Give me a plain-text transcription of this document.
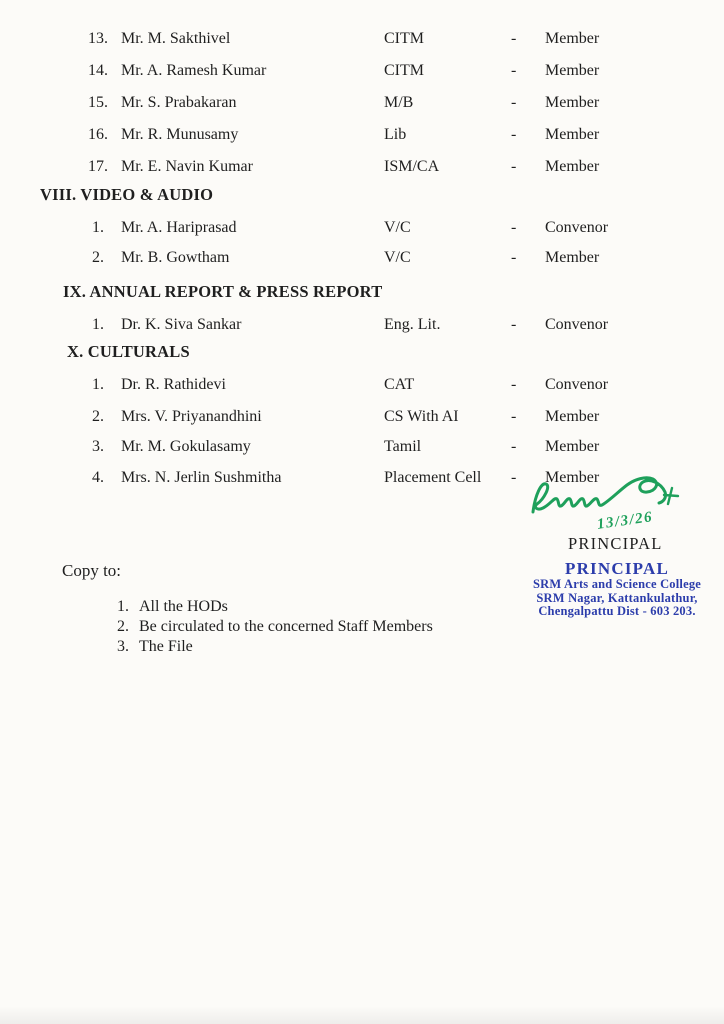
13. Mr. M. Sakthivel	CITM	- Member
14. Mr. A. Ramesh Kumar	CITM	- Member
15. Mr. S. Prabakaran	M/B	- Member
16. Mr. R. Munusamy	Lib	- Member
17. Mr. E. Navin Kumar	ISM/CA	- Member
VIII. VIDEO & AUDIO
1. Mr. A. Hariprasad	V/C	- Convenor
2. Mr. B. Gowtham	V/C	- Member
IX. ANNUAL REPORT & PRESS REPORT
1. Dr. K. Siva Sankar	Eng. Lit.	- Convenor
X. CULTURALS
1. Dr. R. Rathidevi	CAT	- Convenor
2. Mrs. V. Priyanandhini	CS With AI	- Member
3. Mr. M. Gokulasamy	Tamil	- Member
4. Mrs. N. Jerlin Sushmitha	Placement Cell - Member
13/3/26
PRINCIPAL
PRINCIPAL
SRM Arts and Science College
SRM Nagar, Kattankulathur,
Chengalpattu Dist - 603 203.
Copy to:
1. All the HODs
2. Be circulated to the concerned Staff Members
3. The File
